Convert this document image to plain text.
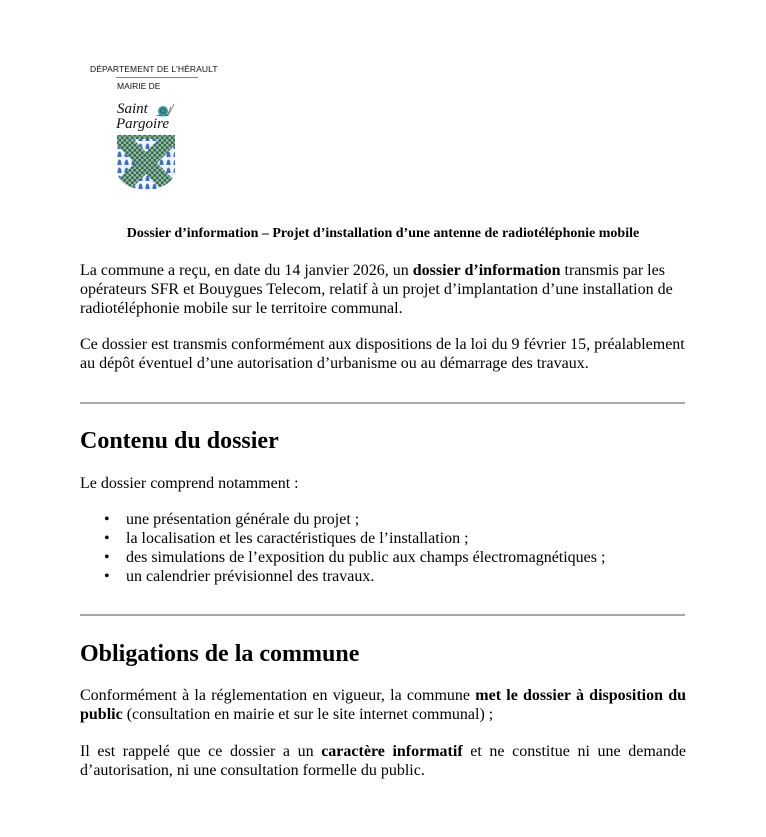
DÉPARTEMENT DE L'HÉRAULT
MAIRIE DE
Saint
Pargoire
Dossier d’information – Projet d’installation d’une antenne de radiotéléphonie mobile
La commune a reçu, en date du 14 janvier 2026, un dossier d’information transmis par les opérateurs SFR et Bouygues Telecom, relatif à un projet d’implantation d’une installation de radiotéléphonie mobile sur le territoire communal.
Ce dossier est transmis conformément aux dispositions de la loi du 9 février 15, préalablement au dépôt éventuel d’une autorisation d’urbanisme ou au démarrage des travaux.
Contenu du dossier
Le dossier comprend notamment :
• une présentation générale du projet ;
• la localisation et les caractéristiques de l’installation ;
• des simulations de l’exposition du public aux champs électromagnétiques ;
• un calendrier prévisionnel des travaux.
Obligations de la commune
Conformément à la réglementation en vigueur, la commune met le dossier à disposition du public (consultation en mairie et sur le site internet communal) ;
Il est rappelé que ce dossier a un caractère informatif et ne constitue ni une demande d’autorisation, ni une consultation formelle du public.
